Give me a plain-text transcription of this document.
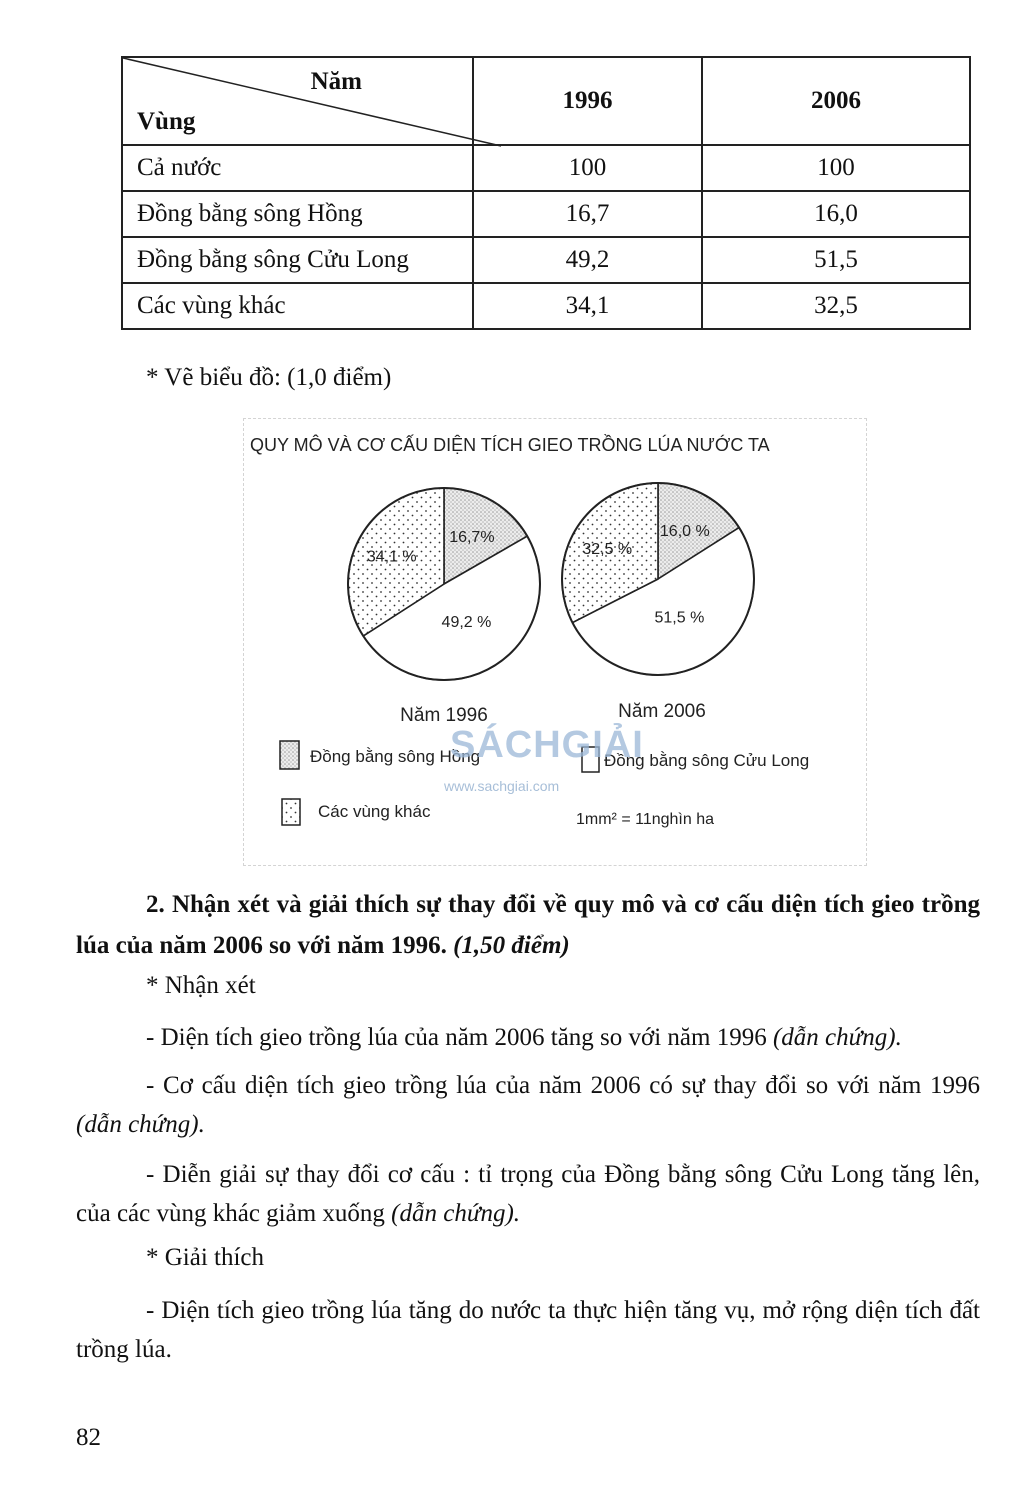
Năm
Vùng	1996	2006
Cả nước	100	100
Đồng bằng sông Hồng	16,7	16,0
Đồng bằng sông Cửu Long	49,2	51,5
Các vùng khác	34,1	32,5
* Vẽ biểu đồ: (1,0 điểm)
QUY MÔ VÀ CƠ CẤU DIỆN TÍCH GIEO TRỒNG LÚA NƯỚC TA
16,7%
49,2 %
34,1 %
16,0 %
51,5 %
32,5 %
Năm 1996	Năm 2006
Đồng bằng sông Hồng	Đồng bằng sông Cửu Long
Các vùng khác	1mm² = 11nghìn ha
SÁCHGIẢI
www.sachgiai.com
2. Nhận xét và giải thích sự thay đổi về quy mô và cơ cấu diện tích gieo trồng lúa của năm 2006 so với năm 1996. (1,50 điểm)
* Nhận xét
- Diện tích gieo trồng lúa của năm 2006 tăng so với năm 1996 (dẫn chứng).
- Cơ cấu diện tích gieo trồng lúa của năm 2006 có sự thay đổi so với năm 1996 (dẫn chứng).
- Diễn giải sự thay đổi cơ cấu : tỉ trọng của Đồng bằng sông Cửu Long tăng lên, của các vùng khác giảm xuống (dẫn chứng).
* Giải thích
- Diện tích gieo trồng lúa tăng do nước ta thực hiện tăng vụ, mở rộng diện tích đất trồng lúa.
82
